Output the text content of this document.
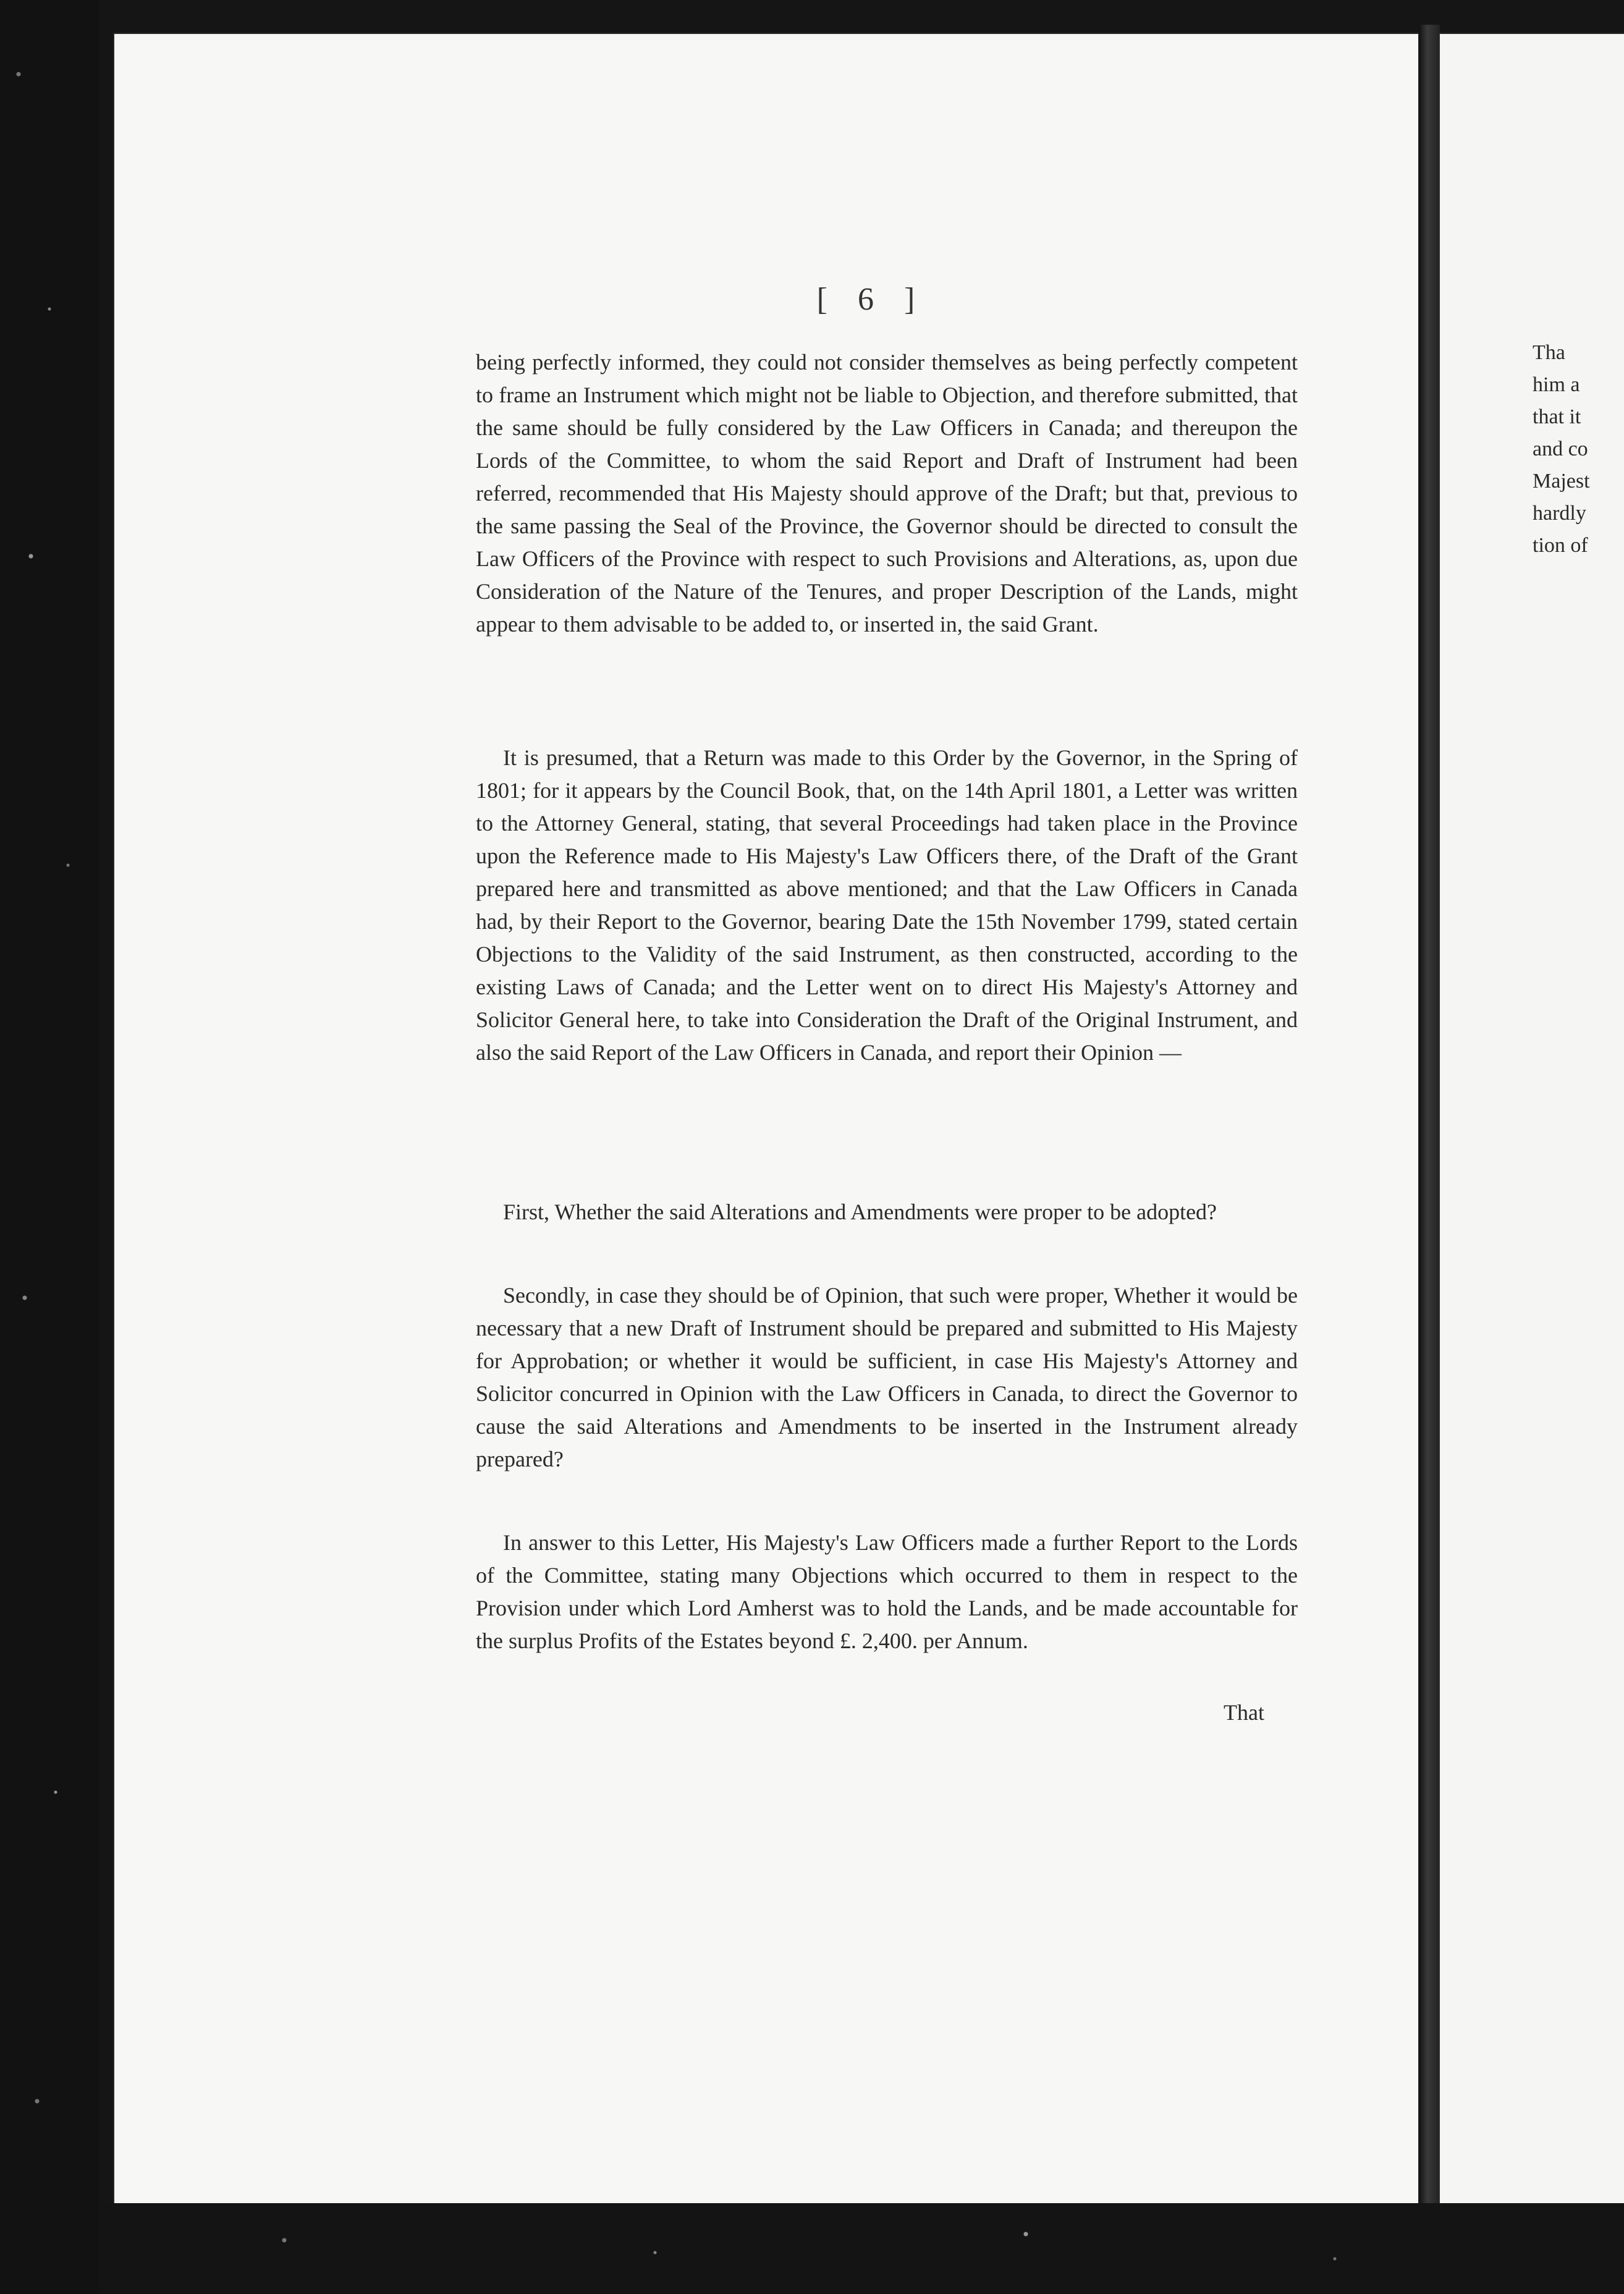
[ 6 ]

being perfectly informed, they could not consider themselves as being perfectly competent to frame an Instrument which might not be liable to Objection, and therefore submitted, that the same should be fully considered by the Law Officers in Canada; and thereupon the Lords of the Committee, to whom the said Report and Draft of Instrument had been referred, recommended that His Majesty should approve of the Draft; but that, previous to the same passing the Seal of the Province, the Governor should be directed to consult the Law Officers of the Province with respect to such Provisions and Alterations, as, upon due Consideration of the Nature of the Tenures, and proper Description of the Lands, might appear to them advisable to be added to, or inserted in, the said Grant.

It is presumed, that a Return was made to this Order by the Governor, in the Spring of 1801; for it appears by the Council Book, that, on the 14th April 1801, a Letter was written to the Attorney General, stating, that several Proceedings had taken place in the Province upon the Reference made to His Majesty's Law Officers there, of the Draft of the Grant prepared here and transmitted as above mentioned; and that the Law Officers in Canada had, by their Report to the Governor, bearing Date the 15th November 1799, stated certain Objections to the Validity of the said Instrument, as then constructed, according to the existing Laws of Canada; and the Letter went on to direct His Majesty's Attorney and Solicitor General here, to take into Consideration the Draft of the Original Instrument, and also the said Report of the Law Officers in Canada, and report their Opinion —

First, Whether the said Alterations and Amendments were proper to be adopted?

Secondly, in case they should be of Opinion, that such were proper, Whether it would be necessary that a new Draft of Instrument should be prepared and submitted to His Majesty for Approbation; or whether it would be sufficient, in case His Majesty's Attorney and Solicitor concurred in Opinion with the Law Officers in Canada, to direct the Governor to cause the said Alterations and Amendments to be inserted in the Instrument already prepared?

In answer to this Letter, His Majesty's Law Officers made a further Report to the Lords of the Committee, stating many Objections which occurred to them in respect to the Provision under which Lord Amherst was to hold the Lands, and be made accountable for the surplus Profits of the Estates beyond £. 2,400. per Annum.

That
Tha
him a
that it
and co
Majest
hardly
tion of
